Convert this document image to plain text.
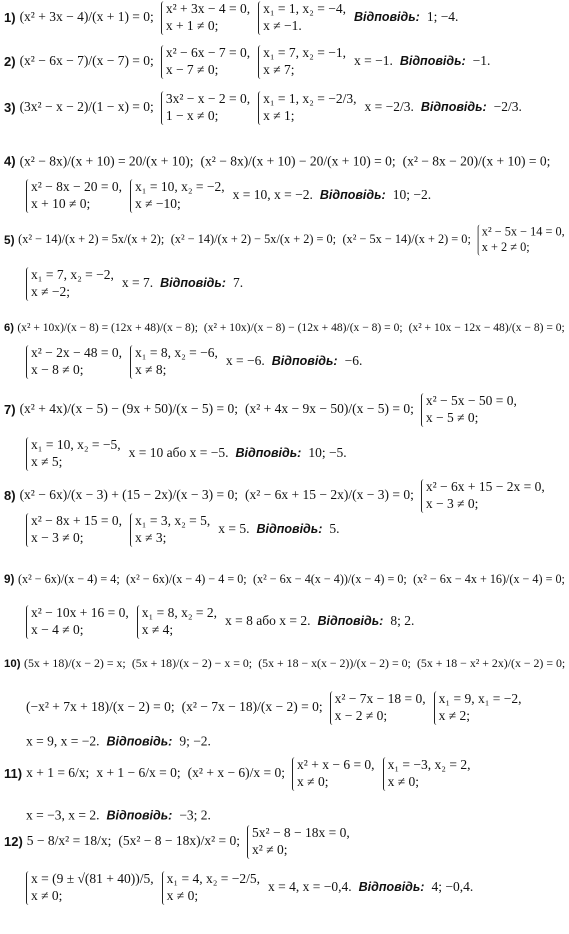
1) (x² + 3x − 4)/(x + 1) = 0;
x² + 3x − 4 = 0,
x + 1 ≠ 0;
x₁ = 1, x₂ = −4,
x ≠ −1.
Відповідь: 1; −4.
2) (x² − 6x − 7)/(x − 7) = 0;
x² − 6x − 7 = 0,
x − 7 ≠ 0;
x₁ = 7, x₂ = −1,
x ≠ 7;
x = −1. Відповідь: −1.
3) (3x² − x − 2)/(1 − x) = 0;
3x² − x − 2 = 0,
1 − x ≠ 0;
x₁ = 1, x₂ = −2/3,
x ≠ 1;
x = −2/3. Відповідь: −2/3.
4) (x² − 8x)/(x + 10) = 20/(x + 10); (x² − 8x)/(x + 10) − 20/(x + 10) = 0; (x² − 8x − 20)/(x + 10) = 0;
x² − 8x − 20 = 0,
x + 10 ≠ 0;
x₁ = 10, x₂ = −2,
x ≠ −10;
x = 10, x = −2. Відповідь: 10; −2.
5) (x² − 14)/(x + 2) = 5x/(x + 2); (x² − 14)/(x + 2) − 5x/(x + 2) = 0; (x² − 5x − 14)/(x + 2) = 0;
x² − 5x − 14 = 0,
x + 2 ≠ 0;
x₁ = 7, x₂ = −2,
x ≠ −2;
x = 7. Відповідь: 7.
6) (x² + 10x)/(x − 8) = (12x + 48)/(x − 8); (x² + 10x)/(x − 8) − (12x + 48)/(x − 8) = 0; (x² + 10x − 12x − 48)/(x − 8) = 0;
x² − 2x − 48 = 0,
x − 8 ≠ 0;
x₁ = 8, x₂ = −6,
x ≠ 8;
x = −6. Відповідь: −6.
7) (x² + 4x)/(x − 5) − (9x + 50)/(x − 5) = 0; (x² + 4x − 9x − 50)/(x − 5) = 0;
x² − 5x − 50 = 0,
x − 5 ≠ 0;
x₁ = 10, x₂ = −5,
x ≠ 5;
x = 10 або x = −5. Відповідь: 10; −5.
8) (x² − 6x)/(x − 3) + (15 − 2x)/(x − 3) = 0; (x² − 6x + 15 − 2x)/(x − 3) = 0;
x² − 6x + 15 − 2x = 0,
x − 3 ≠ 0;
x² − 8x + 15 = 0,
x − 3 ≠ 0;
x₁ = 3, x₂ = 5,
x ≠ 3;
x = 5. Відповідь: 5.
9) (x² − 6x)/(x − 4) = 4; (x² − 6x)/(x − 4) − 4 = 0; (x² − 6x − 4(x − 4))/(x − 4) = 0; (x² − 6x − 4x + 16)/(x − 4) = 0;
x² − 10x + 16 = 0,
x − 4 ≠ 0;
x₁ = 8, x₂ = 2,
x ≠ 4;
x = 8 або x = 2. Відповідь: 8; 2.
10) (5x + 18)/(x − 2) = x; (5x + 18)/(x − 2) − x = 0; (5x + 18 − x(x − 2))/(x − 2) = 0; (5x + 18 − x² + 2x)/(x − 2) = 0;
(−x² + 7x + 18)/(x − 2) = 0; (x² − 7x − 18)/(x − 2) = 0;
x² − 7x − 18 = 0,
x − 2 ≠ 0;
x₁ = 9, x₁ = −2,
x ≠ 2;
x = 9, x = −2. Відповідь: 9; −2.
11) x + 1 = 6/x; x + 1 − 6/x = 0; (x² + x − 6)/x = 0;
x² + x − 6 = 0,
x ≠ 0;
x₁ = −3, x₂ = 2,
x ≠ 0;
x = −3, x = 2. Відповідь: −3; 2.
12) 5 − 8/x² = 18/x; (5x² − 8 − 18x)/x² = 0;
5x² − 8 − 18x = 0,
x² ≠ 0;
x = (9 ± √(81 + 40))/5,
x ≠ 0;
x₁ = 4, x₂ = −2/5,
x ≠ 0;
x = 4, x = −0,4. Відповідь: 4; −0,4.
